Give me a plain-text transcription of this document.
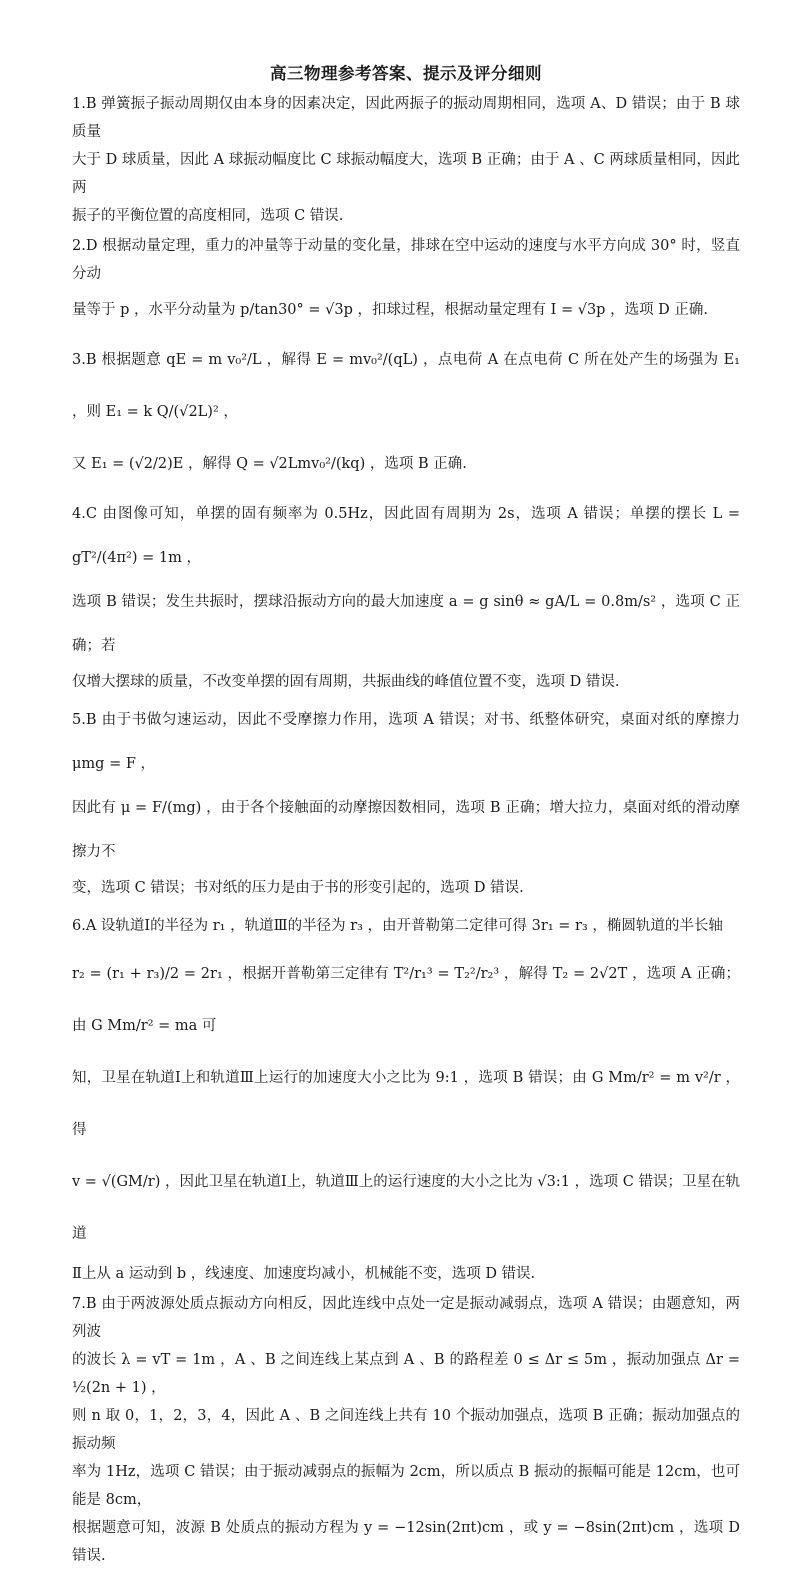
高三物理参考答案、提示及评分细则
1.B 弹簧振子振动周期仅由本身的因素决定，因此两振子的振动周期相同，选项 A、D 错误；由于 B 球质量
大于 D 球质量，因此 A 球振动幅度比 C 球振动幅度大，选项 B 正确；由于 A 、C 两球质量相同，因此两
振子的平衡位置的高度相同，选项 C 错误.
2.D 根据动量定理，重力的冲量等于动量的变化量，排球在空中运动的速度与水平方向成 30° 时，竖直分动
量等于 p ，水平分动量为 p/tan30° = √3p ，扣球过程，根据动量定理有 I = √3p ，选项 D 正确.
3.B 根据题意 qE = m v₀²/L ，解得 E = mv₀²/(qL) ，点电荷 A 在点电荷 C 所在处产生的场强为 E₁ ，则 E₁ = k Q/(√2L)² ，
又 E₁ = (√2/2)E ，解得 Q = √2Lmv₀²/(kq) ，选项 B 正确.
4.C 由图像可知，单摆的固有频率为 0.5Hz，因此固有周期为 2s，选项 A 错误；单摆的摆长 L = gT²/(4π²) = 1m ，
选项 B 错误；发生共振时，摆球沿振动方向的最大加速度 a = g sinθ ≈ gA/L = 0.8m/s² ，选项 C 正确；若
仅增大摆球的质量，不改变单摆的固有周期，共振曲线的峰值位置不变，选项 D 错误.
5.B 由于书做匀速运动，因此不受摩擦力作用，选项 A 错误；对书、纸整体研究，桌面对纸的摩擦力 μmg = F ，
因此有 μ = F/(mg) ，由于各个接触面的动摩擦因数相同，选项 B 正确；增大拉力，桌面对纸的滑动摩擦力不
变，选项 C 错误；书对纸的压力是由于书的形变引起的，选项 D 错误.
6.A 设轨道Ⅰ的半径为 r₁ ，轨道Ⅲ的半径为 r₃ ，由开普勒第二定律可得 3r₁ = r₃ ，椭圆轨道的半长轴
r₂ = (r₁ + r₃)/2 = 2r₁ ，根据开普勒第三定律有 T²/r₁³ = T₂²/r₂³ ，解得 T₂ = 2√2T ，选项 A 正确；由 G Mm/r² = ma 可
知，卫星在轨道Ⅰ上和轨道Ⅲ上运行的加速度大小之比为 9:1 ，选项 B 错误；由 G Mm/r² = m v²/r ，得
v = √(GM/r) ，因此卫星在轨道Ⅰ上，轨道Ⅲ上的运行速度的大小之比为 √3:1 ，选项 C 错误；卫星在轨道
Ⅱ上从 a 运动到 b ，线速度、加速度均减小，机械能不变，选项 D 错误.
7.B 由于两波源处质点振动方向相反，因此连线中点处一定是振动减弱点，选项 A 错误；由题意知，两列波
的波长 λ = vT = 1m ，A 、B 之间连线上某点到 A 、B 的路程差 0 ≤ Δr ≤ 5m ，振动加强点 Δr = ½(2n + 1) ，
则 n 取 0，1，2，3，4，因此 A 、B 之间连线上共有 10 个振动加强点，选项 B 正确；振动加强点的振动频
率为 1Hz，选项 C 错误；由于振动减弱点的振幅为 2cm，所以质点 B 振动的振幅可能是 12cm，也可能是 8cm，
根据题意可知，波源 B 处质点的振动方程为 y = −12sin(2πt)cm ，或 y = −8sin(2πt)cm ，选项 D 错误.
